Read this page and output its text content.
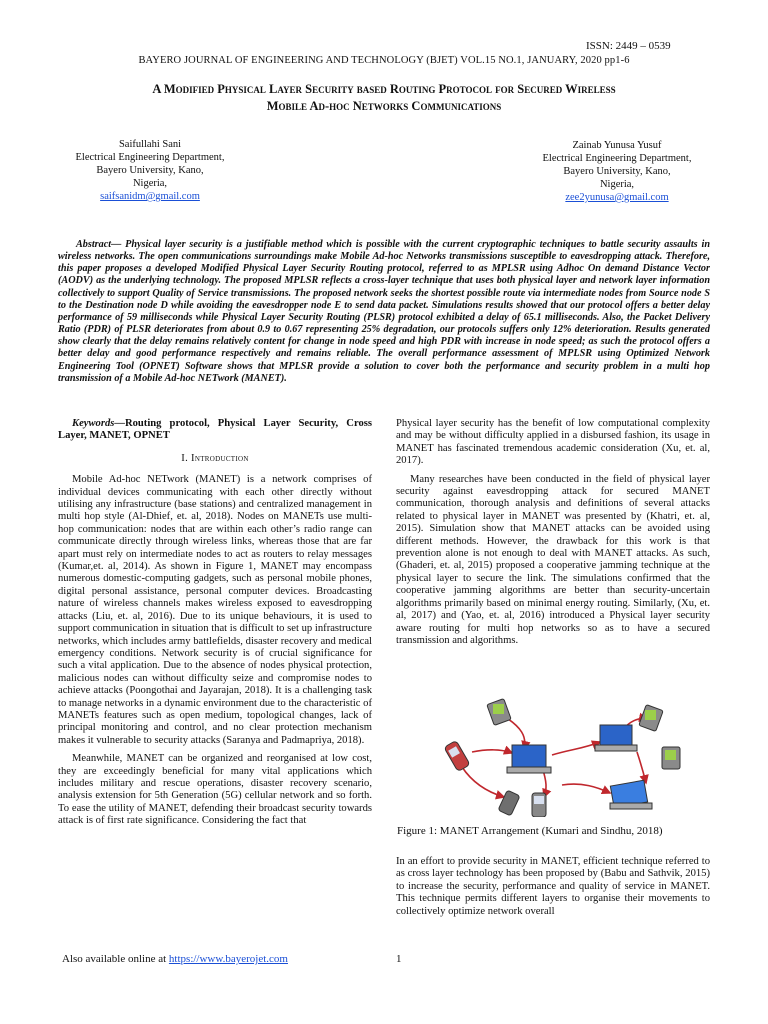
ISSN: 2449 – 0539
BAYERO JOURNAL OF ENGINEERING AND TECHNOLOGY (BJET) VOL.15 NO.1, JANUARY, 2020 pp1-6
A Modified Physical Layer Security based Routing Protocol for Secured Wireless
Mobile Ad-hoc Networks Communications
Saifullahi Sani
Electrical Engineering Department,
Bayero University, Kano,
Nigeria,
saifsanidm@gmail.com
Zainab Yunusa Yusuf
Electrical Engineering Department,
Bayero University, Kano,
Nigeria,
zee2yunusa@gmail.com
Abstract— Physical layer security is a justifiable method which is possible with the current cryptographic techniques to battle security assaults in wireless networks. The open communications surroundings make Mobile Ad-hoc Networks transmissions susceptible to eavesdropping attack. Therefore, this paper proposes a developed Modified Physical Layer Security Routing protocol, referred to as MPLSR using Adhoc On demand Distance Vector (AODV) as the underlying technology. The proposed MPLSR reflects a cross-layer technique that uses both physical layer and network layer information collectively to support Quality of Service transmissions. The proposed network seeks the shortest possible route via intermediate nodes from Source node S to the Destination node D while avoiding the eavesdropper node E to send data packet. Simulations results showed that our protocol offers a better delay performance of 59 milliseconds while Physical Layer Security Routing (PLSR) protocol exhibited a delay of 65.1 milliseconds. Also, the Packet Delivery Ratio (PDR) of PLSR deteriorates from about 0.9 to 0.67 representing 25% degradation, our protocols suffers only 12% deterioration. Results generated show clearly that the delay remains relatively content for change in node speed and high PDR with increase in node speed; as such the protocol offers a better delay and good performance respectively and remains reliable. The overall performance assessment of MPLSR using Optimized Network Engineering Tool (OPNET) Software shows that MPLSR provide a solution to cover both the performance and security problem in a multi hop transmission of a Mobile Ad-hoc NETwork (MANET).
Keywords—Routing protocol, Physical Layer Security, Cross Layer, MANET, OPNET
I. Introduction

Mobile Ad-hoc NETwork (MANET) is a network comprises of individual devices communicating with each other directly without utilising any infrastructure (base stations) and centralized management in multi hop style (Al-Dhief, et. al, 2018). Nodes on MANETs use multi-hop communication: nodes that are within each other’s radio range can communicate directly through wireless links, whereas those that are far apart must rely on intermediate nodes to act as routers to relay messages (Kumar,et. al, 2014). As shown in Figure 1, MANET may encompass numerous domestic-computing gadgets, such as personal mobile phones, digital personal assistance, personal computer devices. Broadcasting nature of wireless channels makes wireless exposed to eavesdropping attacks (Liu, et. al, 2016). Due to its unique behaviours, it is used to support communication in situation that is difficult to set up infrastructure networks, which includes army battlefields, disaster recovery and medical emergency conditions. Network security is of crucial significance for such a vital application. Due to the absence of nodes physical protection, malicious nodes can without difficulty seize and compromise nodes to achieve attacks (Poongothai and Jayarajan, 2018). It is a challenging task to manage networks in a dynamic environment due to the characteristic of MANETs features such as open medium, topological changes, lack of principal monitoring and control, and no clear protection mechanism makes it vulnerable to security attacks (Saranya and Padmapriya, 2018).

Meanwhile, MANET can be organized and reorganised at low cost, they are exceedingly beneficial for many vital applications which includes military and rescue operations, disaster recovery scenario, analysis extension for 5th Generation (5G) cellular network and so forth. To ease the utility of MANET, defending their broadcast security towards attack is of first rate significance. Considering the fact that

Physical layer security has the benefit of low computational complexity and may be without difficulty applied in a disbursed fashion, its usage in MANET has fascinated tremendous academic consideration (Xu, et. al, 2017).

Many researches have been conducted in the field of physical layer security against eavesdropping attack for secured MANET communication, thorough analysis and definitions of several attacks related to physical layer in MANET was presented by (Khatri, et. al, 2015). Simulation show that MANET attacks can be avoided using different methods. However, the drawback for this work is that prevention alone is not enough to deal with MANET attacks. As such, (Ghaderi, et. al, 2015) proposed a cooperative jamming technique at the physical layer to secure the link. The simulations confirmed that the cooperative jamming algorithms are better than security-uncertain algorithms primarily based on minimal energy routing. Similarly, (Xu, et. al, 2017) and (Yao, et. al, 2016) introduced a Physical layer security aware routing for multi hop networks so as to have a secured transmission and algorithms.

Figure 1: MANET Arrangement (Kumari and Sindhu, 2018)

In an effort to provide security in MANET, efficient technique referred to as cross layer technology has been proposed by (Babu and Sathvik, 2015) to increase the security, performance and quality of service in MANET. This technique permits different layers to organise their movements to collectively optimize network overall

Also available online at https://www.bayerojet.com	1
